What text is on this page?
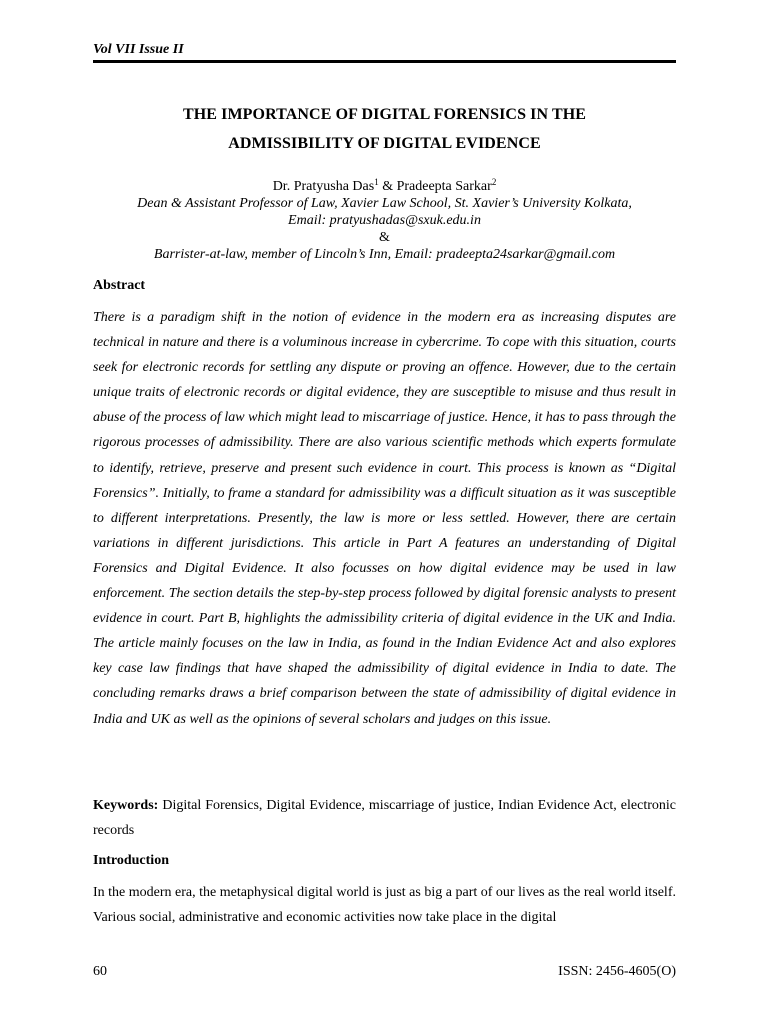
Vol VII Issue II
THE IMPORTANCE OF DIGITAL FORENSICS IN THE
ADMISSIBILITY OF DIGITAL EVIDENCE
Dr. Pratyusha Das$^1$ & Pradeepta Sarkar$^2$
Dean & Assistant Professor of Law, Xavier Law School, St. Xavier’s University Kolkata,
Email: pratyushadas@sxuk.edu.in
&
Barrister-at-law, member of Lincoln’s Inn, Email: pradeepta24sarkar@gmail.com
Abstract

There is a paradigm shift in the notion of evidence in the modern era as increasing disputes are technical in nature and there is a voluminous increase in cybercrime. To cope with this situation, courts seek for electronic records for settling any dispute or proving an offence. However, due to the certain unique traits of electronic records or digital evidence, they are susceptible to misuse and thus result in abuse of the process of law which might lead to miscarriage of justice. Hence, it has to pass through the rigorous processes of admissibility. There are also various scientific methods which experts formulate to identify, retrieve, preserve and present such evidence in court. This process is known as “Digital Forensics”. Initially, to frame a standard for admissibility was a difficult situation as it was susceptible to different interpretations. Presently, the law is more or less settled. However, there are certain variations in different jurisdictions. This article in Part A features an understanding of Digital Forensics and Digital Evidence. It also focusses on how digital evidence may be used in law enforcement. The section details the step-by-step process followed by digital forensic analysts to present evidence in court. Part B, highlights the admissibility criteria of digital evidence in the UK and India. The article mainly focuses on the law in India, as found in the Indian Evidence Act and also explores key case law findings that have shaped the admissibility of digital evidence in India to date. The concluding remarks draws a brief comparison between the state of admissibility of digital evidence in India and UK as well as the opinions of several scholars and judges on this issue.

Keywords: Digital Forensics, Digital Evidence, miscarriage of justice, Indian Evidence Act, electronic records

Introduction

In the modern era, the metaphysical digital world is just as big a part of our lives as the real world itself. Various social, administrative and economic activities now take place in the digital

60	ISSN: 2456-4605(O)
